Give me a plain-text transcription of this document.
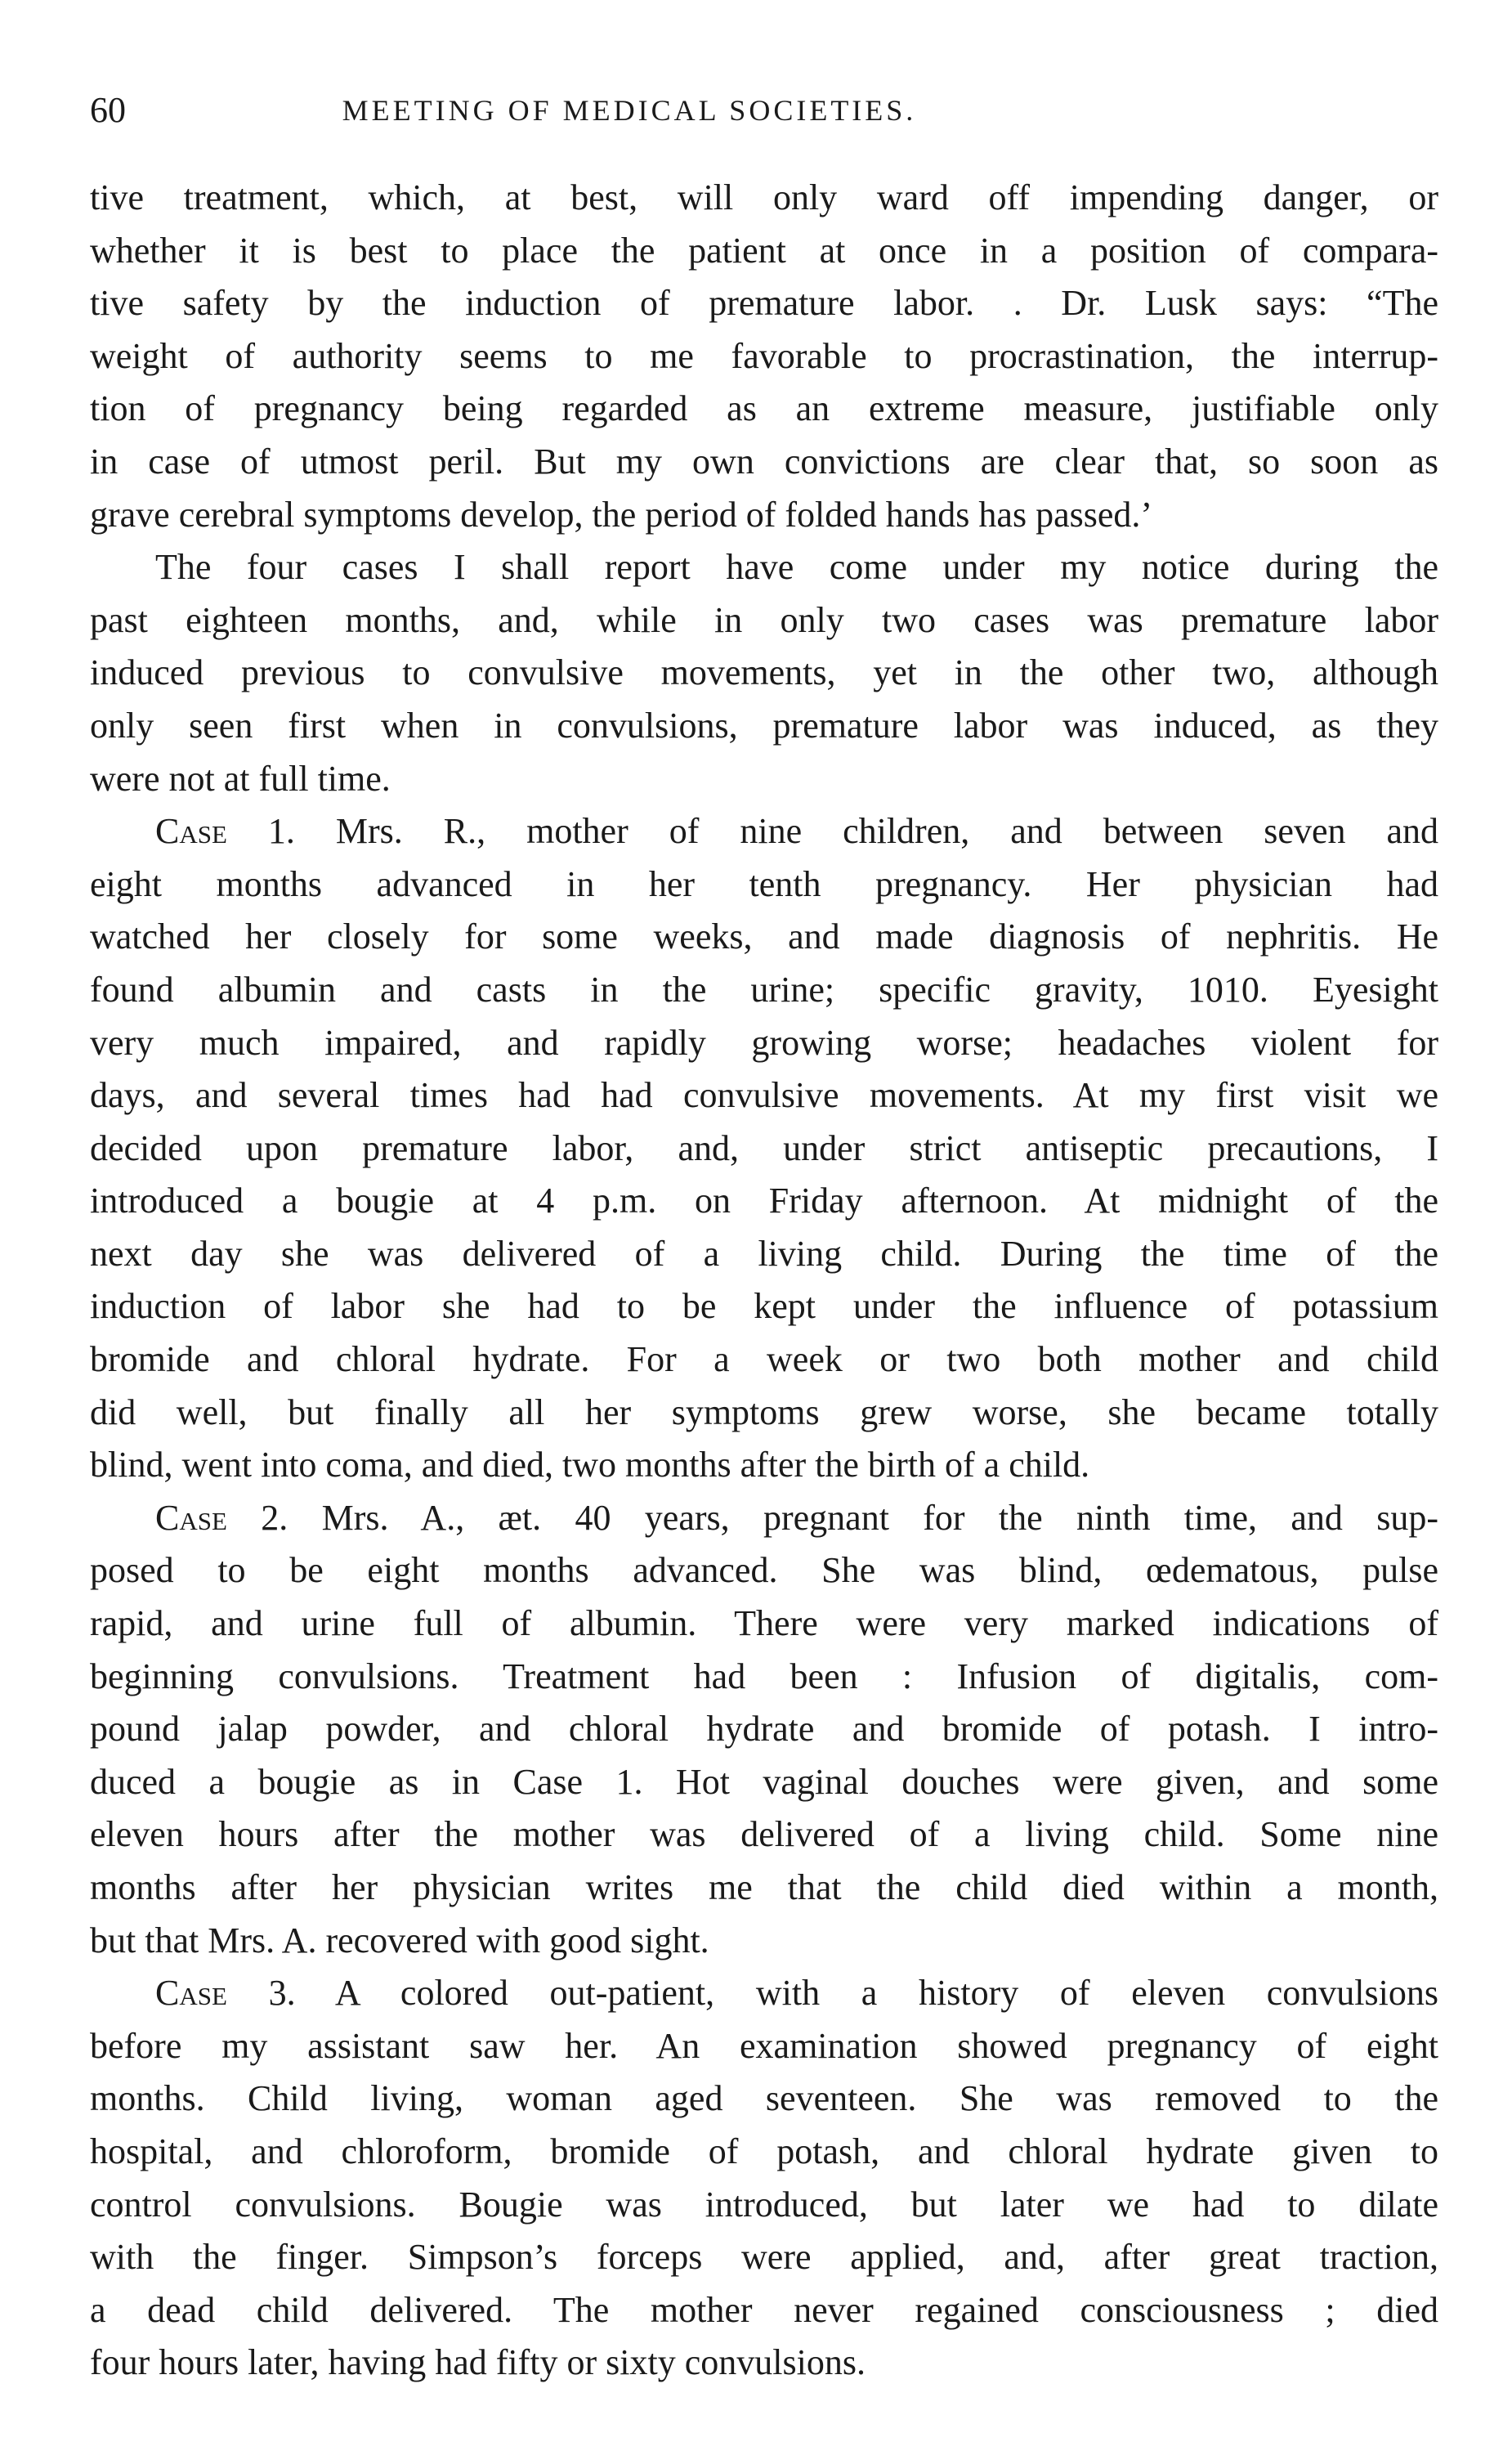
60	MEETING OF MEDICAL SOCIETIES.
tive treatment, which, at best, will only ward off impending danger, or
whether it is best to place the patient at once in a position of compara-
tive safety by the induction of premature labor. . Dr. Lusk says: “The
weight of authority seems to me favorable to procrastination, the interrup-
tion of pregnancy being regarded as an extreme measure, justifiable only
in case of utmost peril. But my own convictions are clear that, so soon as
grave cerebral symptoms develop, the period of folded hands has passed.’
The four cases I shall report have come under my notice during the
past eighteen months, and, while in only two cases was premature labor
induced previous to convulsive movements, yet in the other two, although
only seen first when in convulsions, premature labor was induced, as they
were not at full time.
Case 1. Mrs. R., mother of nine children, and between seven and
eight months advanced in her tenth pregnancy. Her physician had
watched her closely for some weeks, and made diagnosis of nephritis. He
found albumin and casts in the urine; specific gravity, 1010. Eyesight
very much impaired, and rapidly growing worse; headaches violent for
days, and several times had had convulsive movements. At my first visit we
decided upon premature labor, and, under strict antiseptic precautions, I
introduced a bougie at 4 p.m. on Friday afternoon. At midnight of the
next day she was delivered of a living child. During the time of the
induction of labor she had to be kept under the influence of potassium
bromide and chloral hydrate. For a week or two both mother and child
did well, but finally all her symptoms grew worse, she became totally
blind, went into coma, and died, two months after the birth of a child.
Case 2. Mrs. A., æt. 40 years, pregnant for the ninth time, and sup-
posed to be eight months advanced. She was blind, œdematous, pulse
rapid, and urine full of albumin. There were very marked indications of
beginning convulsions. Treatment had been : Infusion of digitalis, com-
pound jalap powder, and chloral hydrate and bromide of potash. I intro-
duced a bougie as in Case 1. Hot vaginal douches were given, and some
eleven hours after the mother was delivered of a living child. Some nine
months after her physician writes me that the child died within a month,
but that Mrs. A. recovered with good sight.
Case 3. A colored out-patient, with a history of eleven convulsions
before my assistant saw her. An examination showed pregnancy of eight
months. Child living, woman aged seventeen. She was removed to the
hospital, and chloroform, bromide of potash, and chloral hydrate given to
control convulsions. Bougie was introduced, but later we had to dilate
with the finger. Simpson’s forceps were applied, and, after great traction,
a dead child delivered. The mother never regained consciousness ; died
four hours later, having had fifty or sixty convulsions.
